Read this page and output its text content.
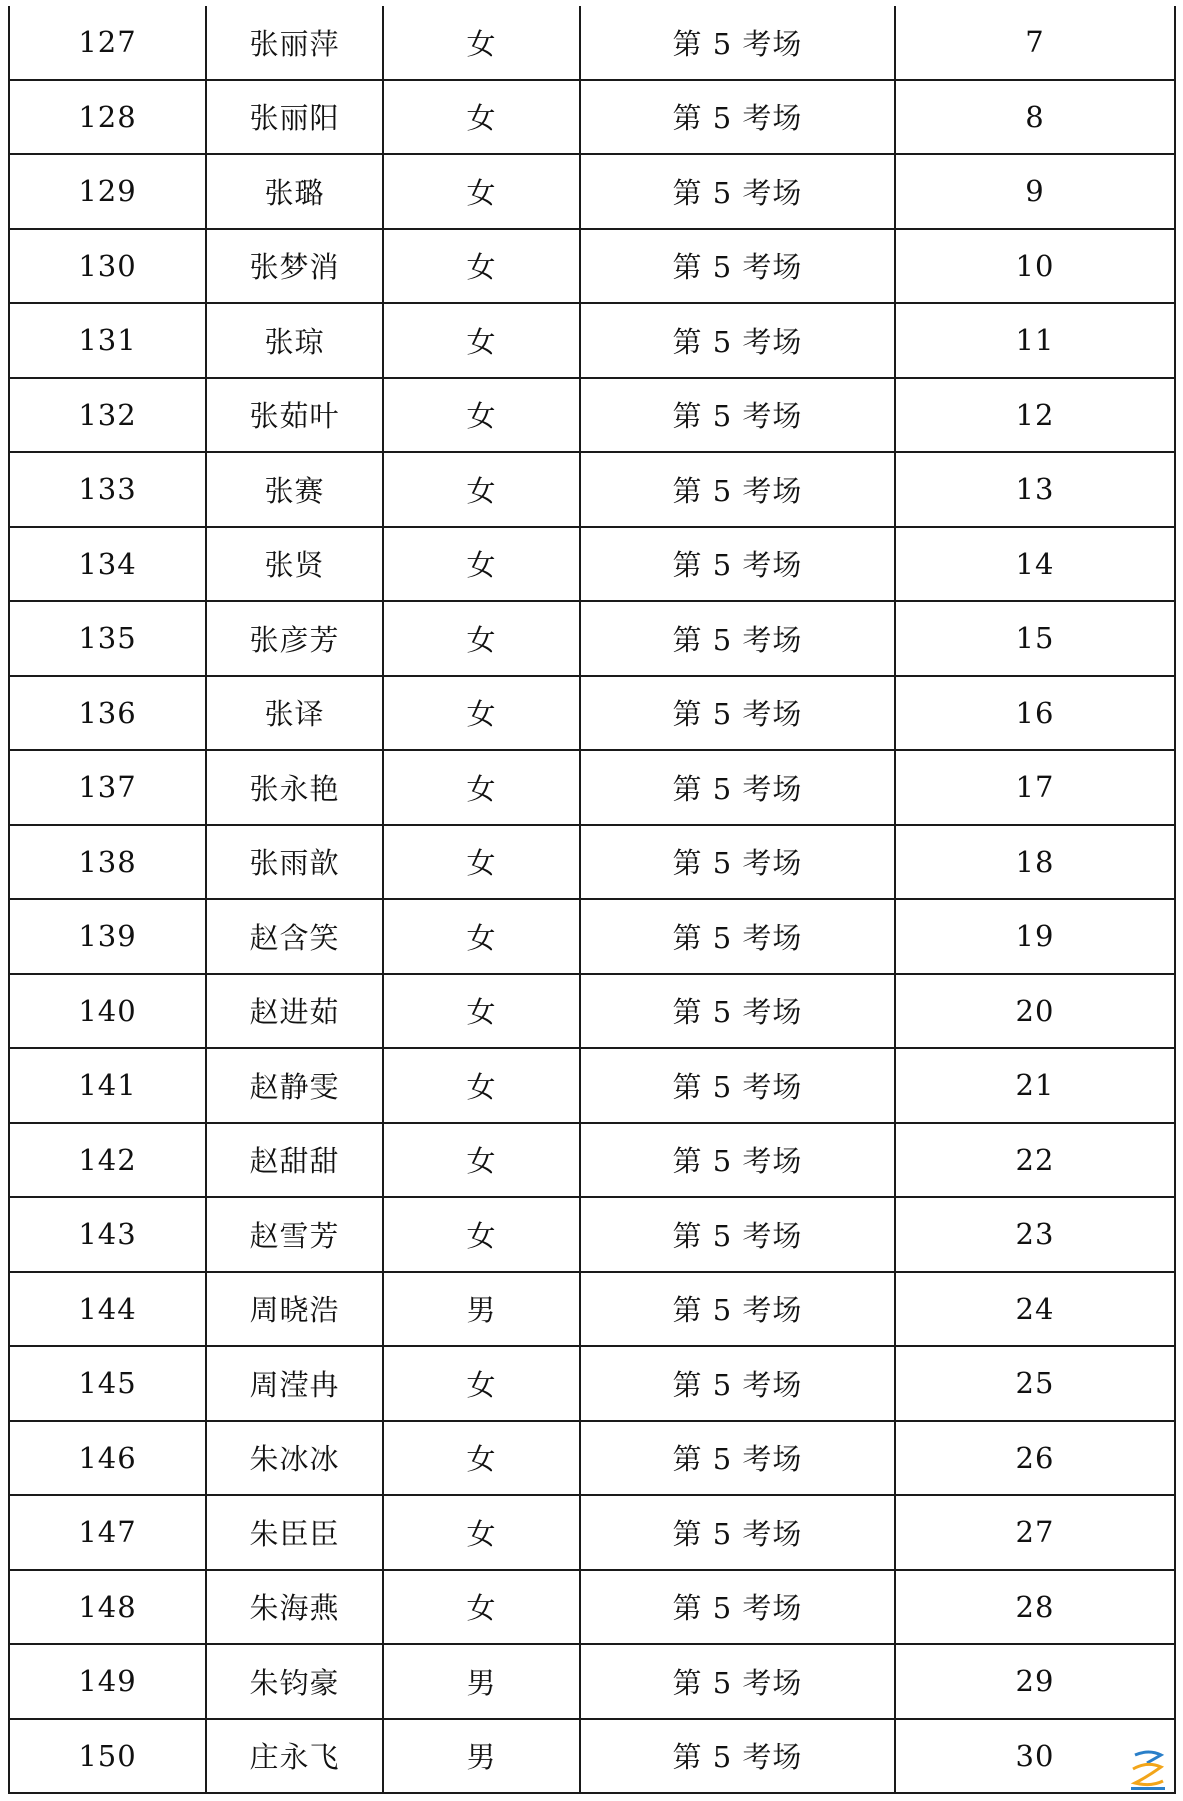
127	张丽萍	女	第 5 考场	7
128	张丽阳	女	第 5 考场	8
129	张璐	女	第 5 考场	9
130	张梦消	女	第 5 考场	10
131	张琼	女	第 5 考场	11
132	张茹叶	女	第 5 考场	12
133	张赛	女	第 5 考场	13
134	张贤	女	第 5 考场	14
135	张彦芳	女	第 5 考场	15
136	张译	女	第 5 考场	16
137	张永艳	女	第 5 考场	17
138	张雨歆	女	第 5 考场	18
139	赵含笑	女	第 5 考场	19
140	赵进茹	女	第 5 考场	20
141	赵静雯	女	第 5 考场	21
142	赵甜甜	女	第 5 考场	22
143	赵雪芳	女	第 5 考场	23
144	周晓浩	男	第 5 考场	24
145	周滢冉	女	第 5 考场	25
146	朱冰冰	女	第 5 考场	26
147	朱臣臣	女	第 5 考场	27
148	朱海燕	女	第 5 考场	28
149	朱钧豪	男	第 5 考场	29
150	庄永飞	男	第 5 考场	30
